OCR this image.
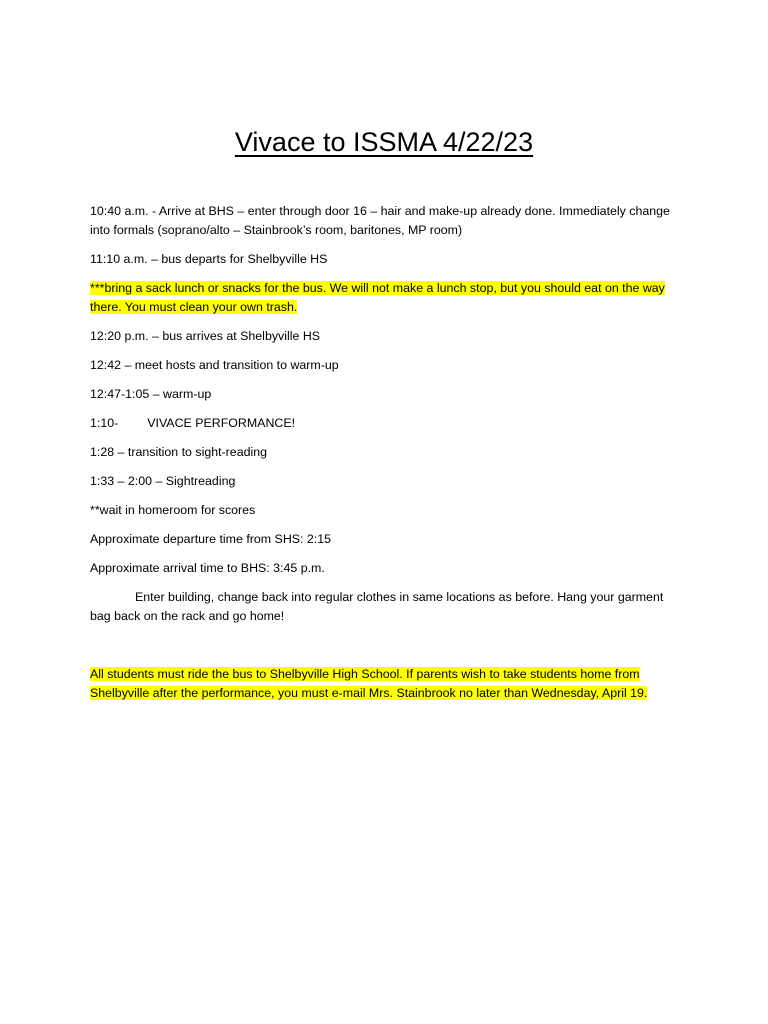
Vivace to ISSMA 4/22/23

10:40 a.m. - Arrive at BHS – enter through door 16 – hair and make-up already done. Immediately change into formals (soprano/alto – Stainbrook’s room, baritones, MP room)

11:10 a.m. – bus departs for Shelbyville HS

***bring a sack lunch or snacks for the bus. We will not make a lunch stop, but you should eat on the way there. You must clean your own trash.

12:20 p.m. – bus arrives at Shelbyville HS

12:42 – meet hosts and transition to warm-up

12:47-1:05 – warm-up

1:10- VIVACE PERFORMANCE!

1:28 – transition to sight-reading

1:33 – 2:00 – Sightreading

**wait in homeroom for scores

Approximate departure time from SHS: 2:15

Approximate arrival time to BHS: 3:45 p.m.

Enter building, change back into regular clothes in same locations as before. Hang your garment bag back on the rack and go home!

All students must ride the bus to Shelbyville High School. If parents wish to take students home from Shelbyville after the performance, you must e-mail Mrs. Stainbrook no later than Wednesday, April 19.
